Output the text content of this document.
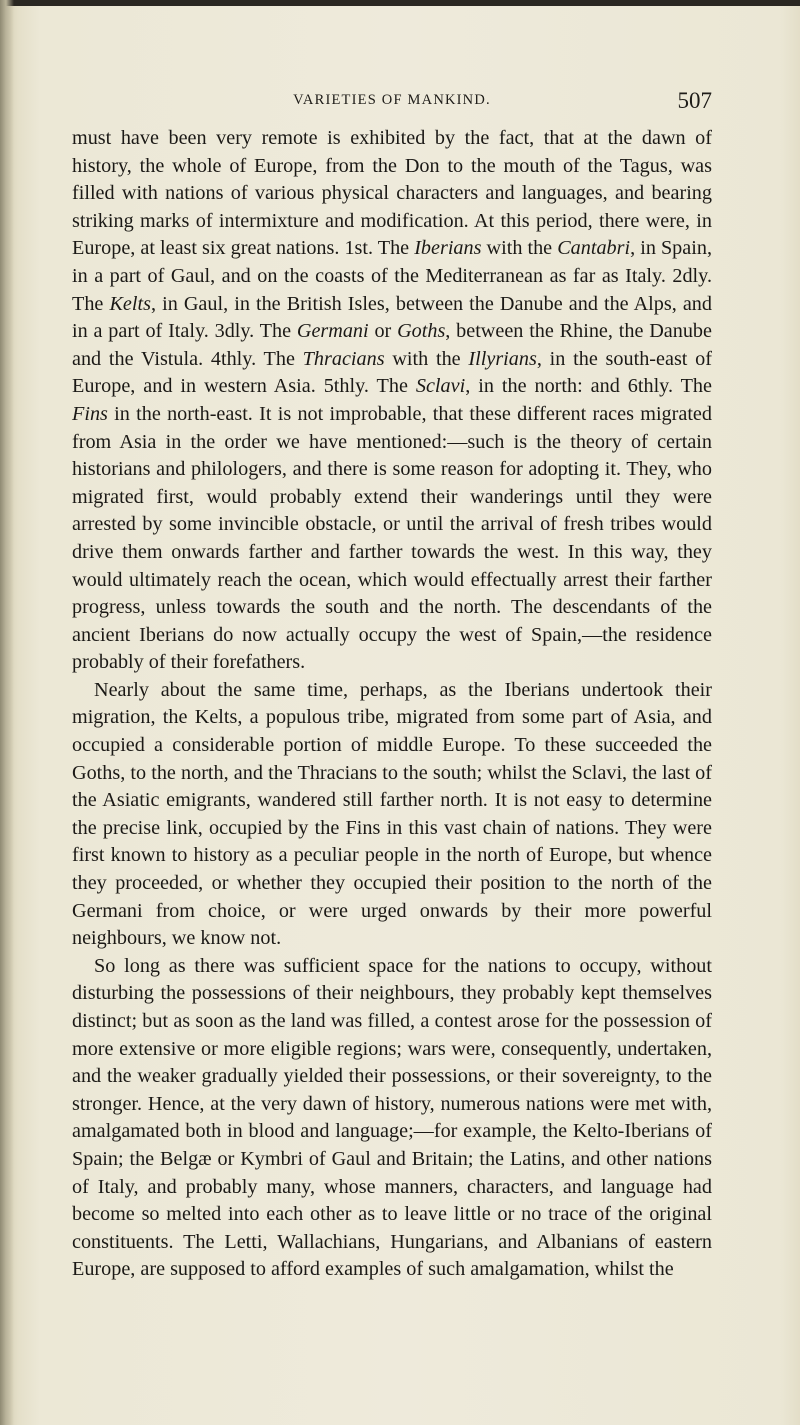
VARIETIES OF MANKIND.	507

must have been very remote is exhibited by the fact, that at the dawn of history, the whole of Europe, from the Don to the mouth of the Tagus, was filled with nations of various physical characters and languages, and bearing striking marks of intermixture and modification. At this period, there were, in Europe, at least six great nations. 1st. The Iberians with the Cantabri, in Spain, in a part of Gaul, and on the coasts of the Mediterranean as far as Italy. 2dly. The Kelts, in Gaul, in the British Isles, between the Danube and the Alps, and in a part of Italy. 3dly. The Germani or Goths, between the Rhine, the Danube and the Vistula. 4thly. The Thracians with the Illyrians, in the south-east of Europe, and in western Asia. 5thly. The Sclavi, in the north: and 6thly. The Fins in the north-east. It is not improbable, that these different races migrated from Asia in the order we have mentioned:—such is the theory of certain historians and philologers, and there is some reason for adopting it. They, who migrated first, would probably extend their wanderings until they were arrested by some invincible obstacle, or until the arrival of fresh tribes would drive them onwards farther and farther towards the west. In this way, they would ultimately reach the ocean, which would effectually arrest their farther progress, unless towards the south and the north. The descendants of the ancient Iberians do now actually occupy the west of Spain,—the residence probably of their forefathers.

Nearly about the same time, perhaps, as the Iberians undertook their migration, the Kelts, a populous tribe, migrated from some part of Asia, and occupied a considerable portion of middle Europe. To these succeeded the Goths, to the north, and the Thracians to the south; whilst the Sclavi, the last of the Asiatic emigrants, wandered still farther north. It is not easy to determine the precise link, occupied by the Fins in this vast chain of nations. They were first known to history as a peculiar people in the north of Europe, but whence they proceeded, or whether they occupied their position to the north of the Germani from choice, or were urged onwards by their more powerful neighbours, we know not.

So long as there was sufficient space for the nations to occupy, without disturbing the possessions of their neighbours, they probably kept themselves distinct; but as soon as the land was filled, a contest arose for the possession of more extensive or more eligible regions; wars were, consequently, undertaken, and the weaker gradually yielded their possessions, or their sovereignty, to the stronger. Hence, at the very dawn of history, numerous nations were met with, amalgamated both in blood and language;—for example, the Kelto-Iberians of Spain; the Belgæ or Kymbri of Gaul and Britain; the Latins, and other nations of Italy, and probably many, whose manners, characters, and language had become so melted into each other as to leave little or no trace of the original constituents. The Letti, Wallachians, Hungarians, and Albanians of eastern Europe, are supposed to afford examples of such amalgamation, whilst the
